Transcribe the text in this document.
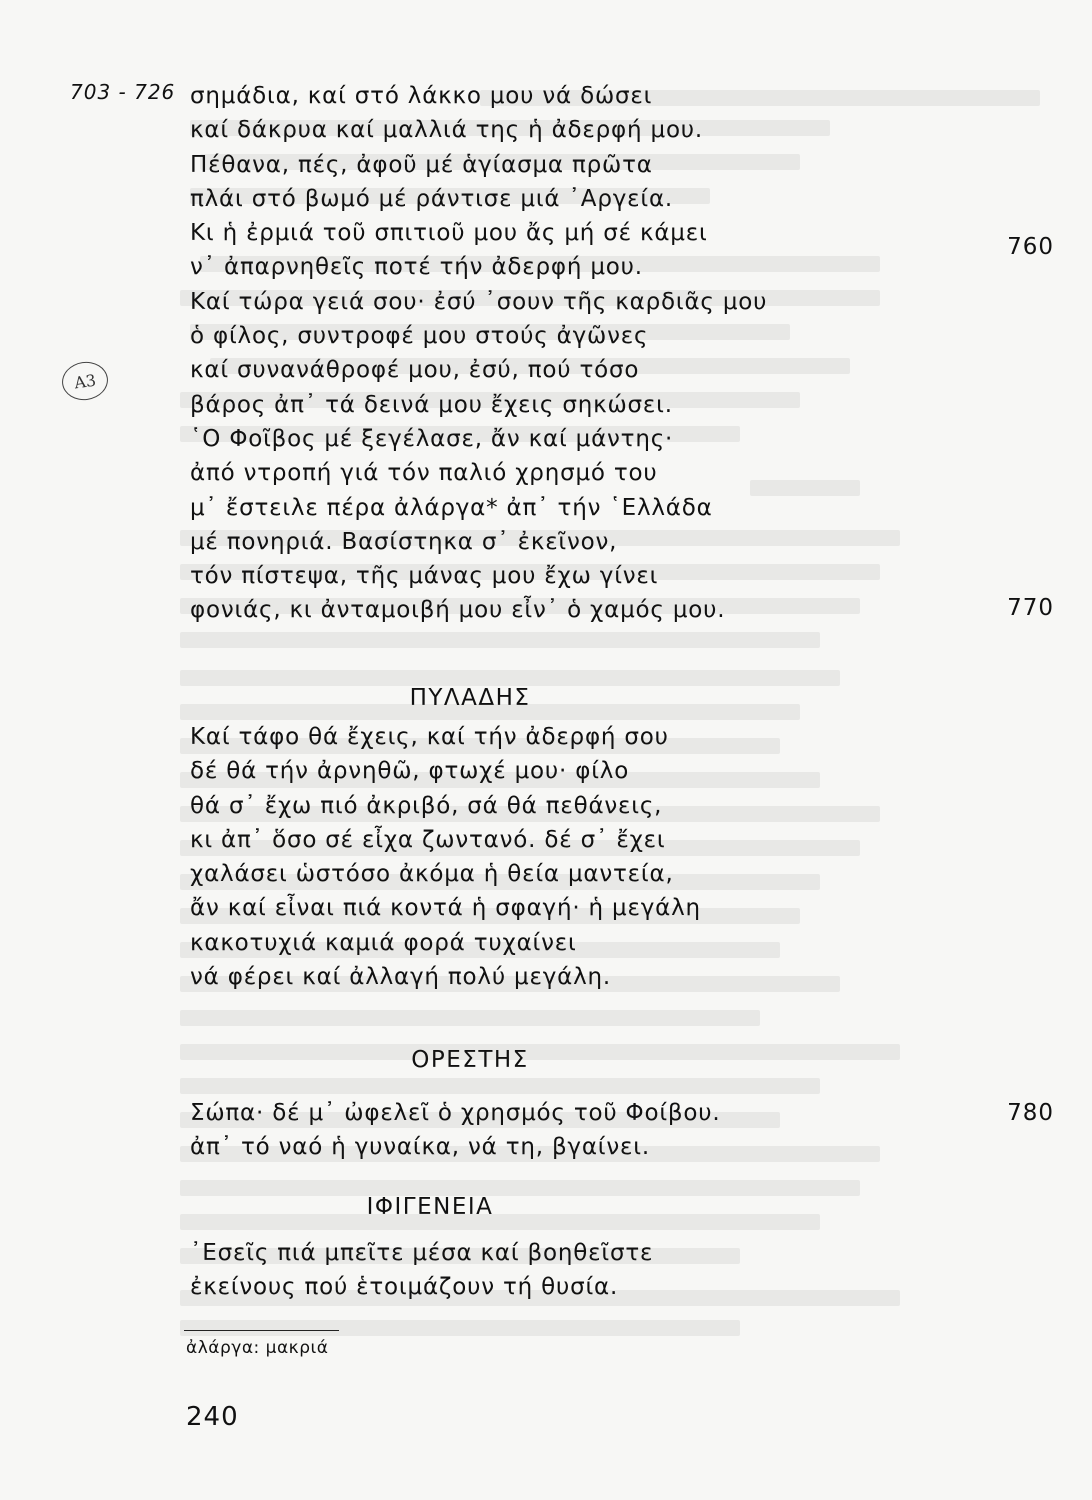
703 - 726
A3
σημάδια, καί στό λάκκο μου νά δώσει
καί δάκρυα καί μαλλιά της ἡ ἀδερφή μου.
Πέθανα, πές, ἀφοῦ μέ ἁγίασμα πρῶτα
πλάι στό βωμό μέ ράντισε μιά ᾽Αργεία.
Κι ἡ ἐρμιά τοῦ σπιτιοῦ μου ἄς μή σέ κάμει
ν᾽ ἀπαρνηθεῖς ποτέ τήν ἀδερφή μου.
Καί τώρα γειά σου· ἐσύ ᾽σουν τῆς καρδιᾶς μου
ὁ φίλος, συντροφέ μου στούς ἀγῶνες
καί συνανάθροφέ μου, ἐσύ, πού τόσο
βάρος ἀπ᾽ τά δεινά μου ἔχεις σηκώσει.
῾Ο Φοῖβος μέ ξεγέλασε, ἄν καί μάντης·
ἀπό ντροπή γιά τόν παλιό χρησμό του
μ᾽ ἔστειλε πέρα ἀλάργα* ἀπ᾽ τήν ῾Ελλάδα
μέ πονηριά. Βασίστηκα σ᾽ ἐκεῖνον,
τόν πίστεψα, τῆς μάνας μου ἔχω γίνει
φονιάς, κι ἀνταμοιβή μου εἶν᾽ ὁ χαμός μου.
760
770
ΠΥΛΑΔΗΣ
Καί τάφο θά ἔχεις, καί τήν ἀδερφή σου
δέ θά τήν ἀρνηθῶ, φτωχέ μου· φίλο
θά σ᾽ ἔχω πιό ἀκριβό, σά θά πεθάνεις,
κι ἀπ᾽ ὅσο σέ εἶχα ζωντανό. δέ σ᾽ ἔχει
χαλάσει ὡστόσο ἀκόμα ἡ θεία μαντεία,
ἄν καί εἶναι πιά κοντά ἡ σφαγή· ἡ μεγάλη
κακοτυχιά καμιά φορά τυχαίνει
νά φέρει καί ἀλλαγή πολύ μεγάλη.
ΟΡΕΣΤΗΣ
Σώπα· δέ μ᾽ ὠφελεῖ ὁ χρησμός τοῦ Φοίβου.
ἀπ᾽ τό ναό ἡ γυναίκα, νά τη, βγαίνει.
780
ΙΦΙΓΕΝΕΙΑ
᾽Εσεῖς πιά μπεῖτε μέσα καί βοηθεῖστε
ἐκείνους πού ἑτοιμάζουν τή θυσία.
ἀλάργα: μακριά
240
